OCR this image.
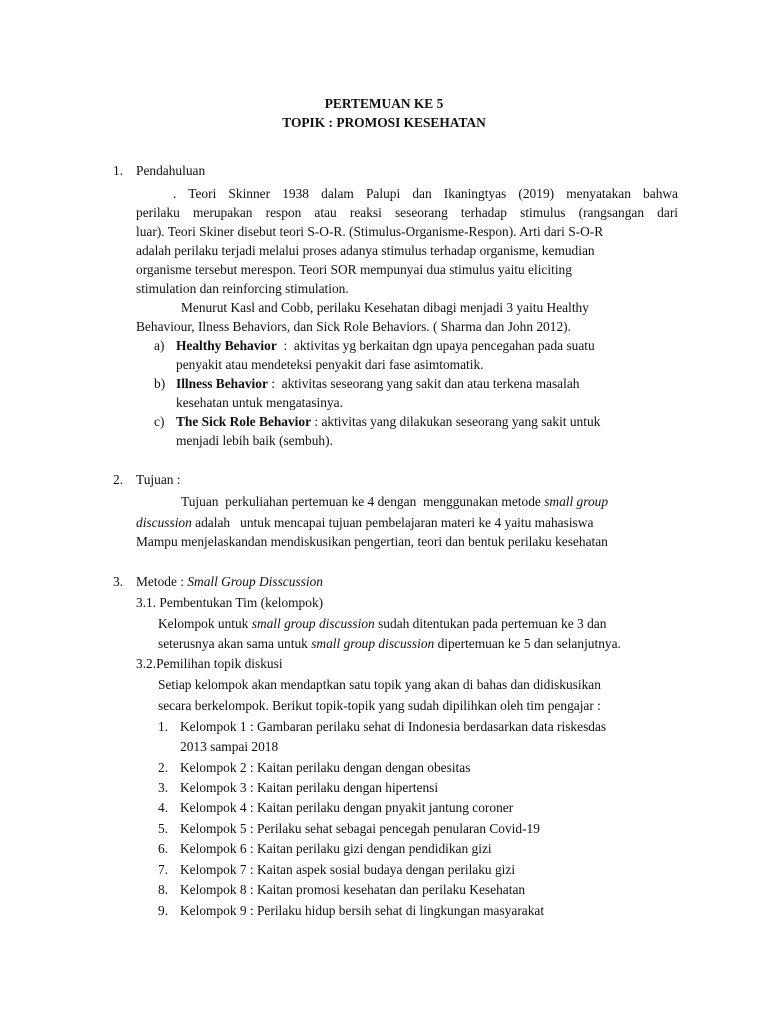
PERTEMUAN KE 5
TOPIK : PROMOSI KESEHATAN
1. Pendahuluan
. Teori Skinner 1938 dalam Palupi dan Ikaningtyas (2019) menyatakan bahwa
perilaku merupakan respon atau reaksi seseorang terhadap stimulus (rangsangan dari
luar). Teori Skiner disebut teori S-O-R. (Stimulus-Organisme-Respon). Arti dari S-O-R
adalah perilaku terjadi melalui proses adanya stimulus terhadap organisme, kemudian
organisme tersebut merespon. Teori SOR mempunyai dua stimulus yaitu eliciting
stimulation dan reinforcing stimulation.
Menurut Kasl and Cobb, perilaku Kesehatan dibagi menjadi 3 yaitu Healthy
Behaviour, Ilness Behaviors, dan Sick Role Behaviors. ( Sharma dan John 2012).
a) Healthy Behavior  :  aktivitas yg berkaitan dgn upaya pencegahan pada suatu
penyakit atau mendeteksi penyakit dari fase asimtomatik.
b) Illness Behavior :  aktivitas seseorang yang sakit dan atau terkena masalah
kesehatan untuk mengatasinya.
c) The Sick Role Behavior : aktivitas yang dilakukan seseorang yang sakit untuk
menjadi lebih baik (sembuh).
2. Tujuan :
Tujuan  perkuliahan pertemuan ke 4 dengan  menggunakan metode small group
discussion adalah   untuk mencapai tujuan pembelajaran materi ke 4 yaitu mahasiswa
Mampu menjelaskandan mendiskusikan pengertian, teori dan bentuk perilaku kesehatan
3. Metode : Small Group Disscussion
3.1. Pembentukan Tim (kelompok)
Kelompok untuk small group discussion sudah ditentukan pada pertemuan ke 3 dan
seterusnya akan sama untuk small group discussion dipertemuan ke 5 dan selanjutnya.
3.2.Pemilihan topik diskusi
Setiap kelompok akan mendaptkan satu topik yang akan di bahas dan didiskusikan
secara berkelompok. Berikut topik-topik yang sudah dipilihkan oleh tim pengajar :
1. Kelompok 1 : Gambaran perilaku sehat di Indonesia berdasarkan data riskesdas
2013 sampai 2018
2. Kelompok 2 : Kaitan perilaku dengan dengan obesitas
3. Kelompok 3 : Kaitan perilaku dengan hipertensi
4. Kelompok 4 : Kaitan perilaku dengan pnyakit jantung coroner
5. Kelompok 5 : Perilaku sehat sebagai pencegah penularan Covid-19
6. Kelompok 6 : Kaitan perilaku gizi dengan pendidikan gizi
7. Kelompok 7 : Kaitan aspek sosial budaya dengan perilaku gizi
8. Kelompok 8 : Kaitan promosi kesehatan dan perilaku Kesehatan
9. Kelompok 9 : Perilaku hidup bersih sehat di lingkungan masyarakat
